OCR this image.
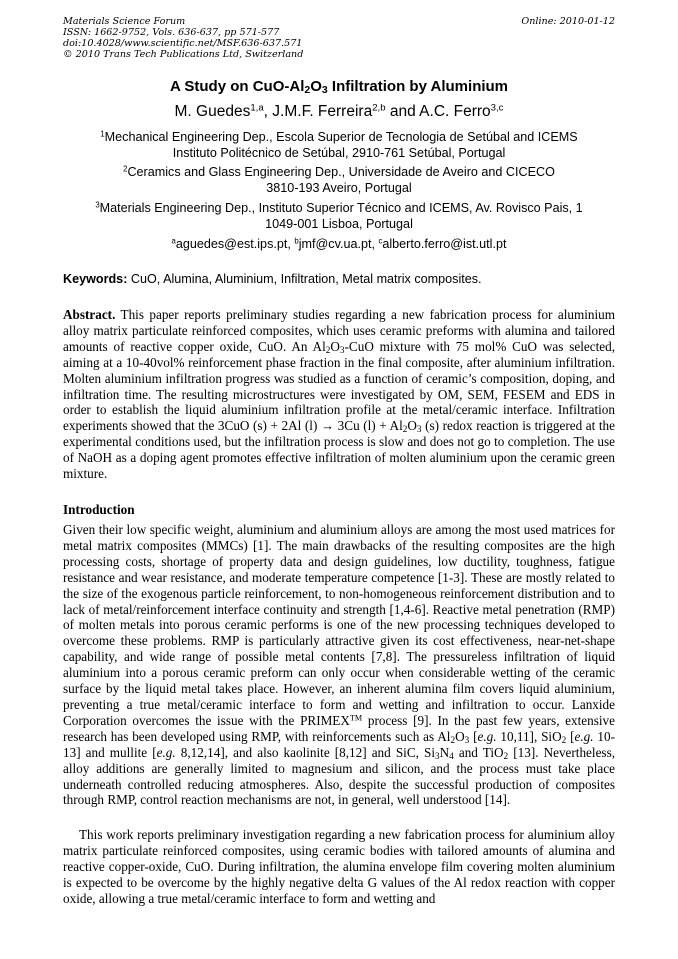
Materials Science Forum
ISSN: 1662-9752, Vols. 636-637, pp 571-577
doi:10.4028/www.scientific.net/MSF.636-637.571
© 2010 Trans Tech Publications Ltd, Switzerland
Online: 2010-01-12
A Study on CuO-$Al_2O_3$ Infiltration by Aluminium
M. Guedes$^{1,a}$, J.M.F. Ferreira$^{2,b}$ and A.C. Ferro$^{3,c}$
$^1$Mechanical Engineering Dep., Escola Superior de Tecnologia de Setúbal and ICEMS
Instituto Politécnico de Setúbal, 2910-761 Setúbal, Portugal
$^2$Ceramics and Glass Engineering Dep., Universidade de Aveiro and CICECO
3810-193 Aveiro, Portugal
$^3$Materials Engineering Dep., Instituto Superior Técnico and ICEMS, Av. Rovisco Pais, 1
1049-001 Lisboa, Portugal
$^a$aguedes@est.ips.pt, $^b$jmf@cv.ua.pt, $^c$alberto.ferro@ist.utl.pt
Keywords: CuO, Alumina, Aluminium, Infiltration, Metal matrix composites.
Abstract. This paper reports preliminary studies regarding a new fabrication process for aluminium alloy matrix particulate reinforced composites, which uses ceramic preforms with alumina and tailored amounts of reactive copper oxide, CuO. An $Al_2O_3$-CuO mixture with 75 mol% CuO was selected, aiming at a 10-40vol% reinforcement phase fraction in the final composite, after aluminium infiltration. Molten aluminium infiltration progress was studied as a function of ceramic’s composition, doping, and infiltration time. The resulting microstructures were investigated by OM, SEM, FESEM and EDS in order to establish the liquid aluminium infiltration profile at the metal/ceramic interface. Infiltration experiments showed that the 3CuO (s) + 2Al (l) → 3Cu $(l) + Al_2O_3$ (s) redox reaction is triggered at the experimental conditions used, but the infiltration process is slow and does not go to completion. The use of NaOH as a doping agent promotes effective infiltration of molten aluminium upon the ceramic green mixture.
Introduction
Given their low specific weight, aluminium and aluminium alloys are among the most used matrices for metal matrix composites (MMCs) [1]. The main drawbacks of the resulting composites are the high processing costs, shortage of property data and design guidelines, low ductility, toughness, fatigue resistance and wear resistance, and moderate temperature competence [1-3]. These are mostly related to the size of the exogenous particle reinforcement, to non-homogeneous reinforcement distribution and to lack of metal/reinforcement interface continuity and strength [1,4-6]. Reactive metal penetration (RMP) of molten metals into porous ceramic performs is one of the new processing techniques developed to overcome these problems. RMP is particularly attractive given its cost effectiveness, near-net-shape capability, and wide range of possible metal contents [7,8]. The pressureless infiltration of liquid aluminium into a porous ceramic preform can only occur when considerable wetting of the ceramic surface by the liquid metal takes place. However, an inherent alumina film covers liquid aluminium, preventing a true metal/ceramic interface to form and wetting and infiltration to occur. Lanxide Corporation overcomes the issue with the PRIMEX™ process [9]. In the past few years, extensive research has been developed using RMP, with reinforcements such as $Al_2O_3$ [e.g. 10,11], SiO$_2$ [e.g. 10-13] and mullite [e.g. 8,12,14], and also kaolinite [8,12] and SiC, $Si_3N_4$ and TiO$_2$ [13]. Nevertheless, alloy additions are generally limited to magnesium and silicon, and the process must take place underneath controlled reducing atmospheres. Also, despite the successful production of composites through RMP, control reaction mechanisms are not, in general, well understood [14].
This work reports preliminary investigation regarding a new fabrication process for aluminium alloy matrix particulate reinforced composites, using ceramic bodies with tailored amounts of alumina and reactive copper-oxide, CuO. During infiltration, the alumina envelope film covering molten aluminium is expected to be overcome by the highly negative delta G values of the Al redox reaction with copper oxide, allowing a true metal/ceramic interface to form and wetting and
